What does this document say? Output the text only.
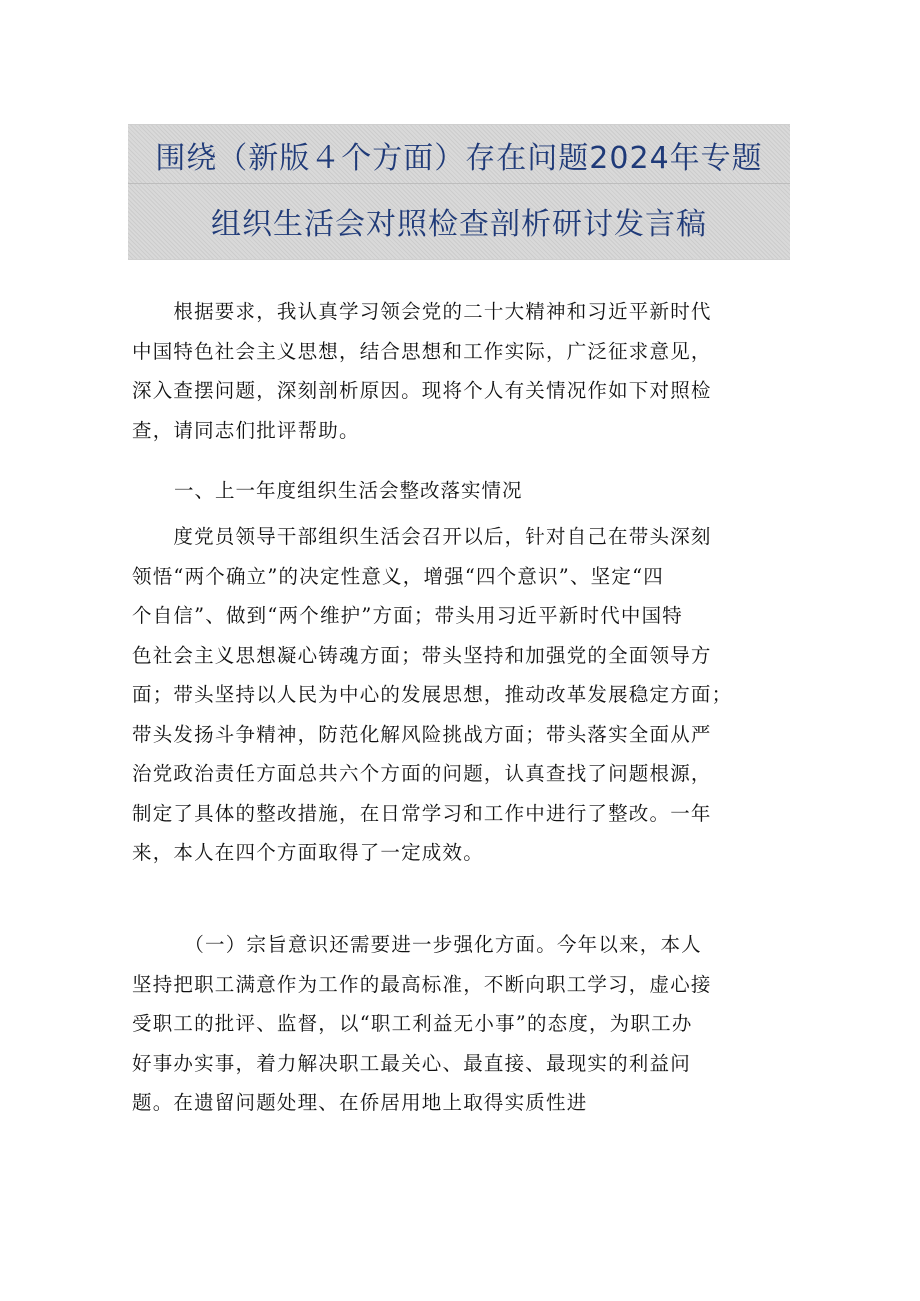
围绕（新版４个方面）存在问题2024年专题
组织生活会对照检查剖析研讨发言稿

　　根据要求，我认真学习领会党的二十大精神和习近平新时代
中国特色社会主义思想，结合思想和工作实际，广泛征求意见，
深入查摆问题，深刻剖析原因。现将个人有关情况作如下对照检
查，请同志们批评帮助。

一、上一年度组织生活会整改落实情况

　　度党员领导干部组织生活会召开以后，针对自己在带头深刻
领悟“两个确立”的决定性意义，增强“四个意识”、坚定“四
个自信”、做到“两个维护”方面；带头用习近平新时代中国特
色社会主义思想凝心铸魂方面；带头坚持和加强党的全面领导方
面；带头坚持以人民为中心的发展思想，推动改革发展稳定方面；
带头发扬斗争精神，防范化解风险挑战方面；带头落实全面从严
治党政治责任方面总共六个方面的问题，认真查找了问题根源，
制定了具体的整改措施，在日常学习和工作中进行了整改。一年
来，本人在四个方面取得了一定成效。

　　　（一）宗旨意识还需要进一步强化方面。今年以来，本人
坚持把职工满意作为工作的最高标准，不断向职工学习，虚心接
受职工的批评、监督，以“职工利益无小事”的态度，为职工办
好事办实事，着力解决职工最关心、最直接、最现实的利益问
题。在遗留问题处理、在侨居用地上取得实质性进
